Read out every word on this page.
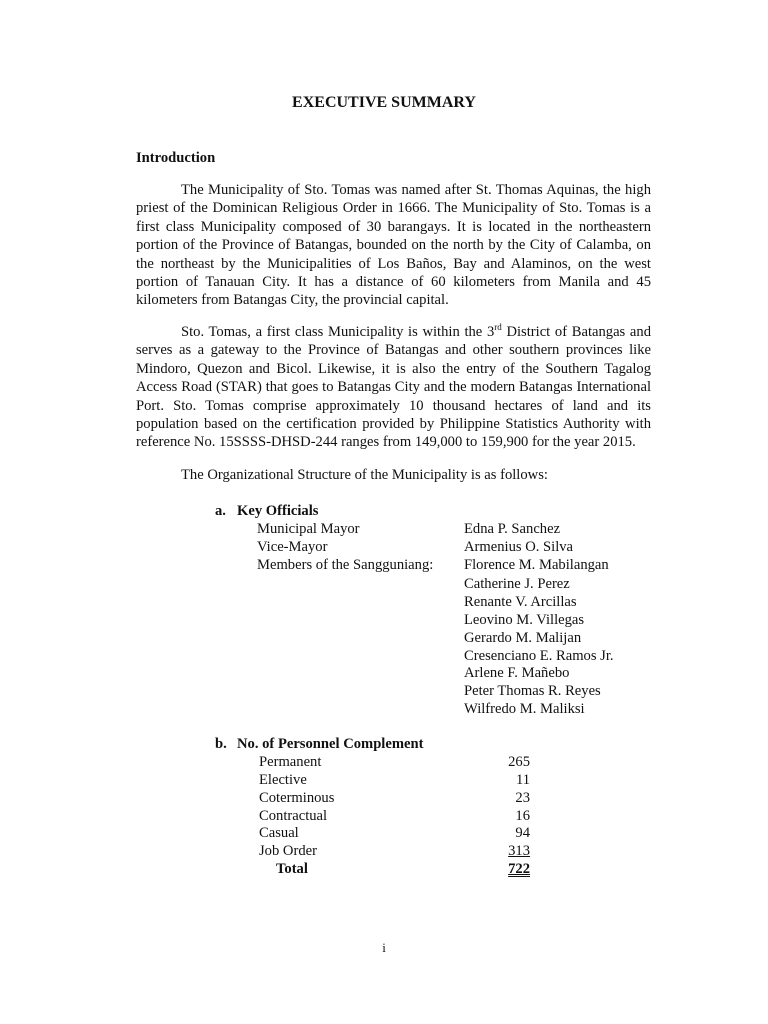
EXECUTIVE SUMMARY
Introduction

The Municipality of Sto. Tomas was named after St. Thomas Aquinas, the high priest of the Dominican Religious Order in 1666. The Municipality of Sto. Tomas is a first class Municipality composed of 30 barangays. It is located in the northeastern portion of the Province of Batangas, bounded on the north by the City of Calamba, on the northeast by the Municipalities of Los Baños, Bay and Alaminos, on the west portion of Tanauan City. It has a distance of 60 kilometers from Manila and 45 kilometers from Batangas City, the provincial capital.

Sto. Tomas, a first class Municipality is within the 3rd District of Batangas and serves as a gateway to the Province of Batangas and other southern provinces like Mindoro, Quezon and Bicol. Likewise, it is also the entry of the Southern Tagalog Access Road (STAR) that goes to Batangas City and the modern Batangas International Port. Sto. Tomas comprise approximately 10 thousand hectares of land and its population based on the certification provided by Philippine Statistics Authority with reference No. 15SSSS-DHSD-244 ranges from 149,000 to 159,900 for the year 2015.

The Organizational Structure of the Municipality is as follows:
a. Key Officials
Municipal Mayor	Edna P. Sanchez
Vice-Mayor	Armenius O. Silva
Members of the Sangguniang: Florence M. Mabilangan
Catherine J. Perez
Renante V. Arcillas
Leovino M. Villegas
Gerardo M. Malijan
Cresenciano E. Ramos Jr.
Arlene F. Mañebo
Peter Thomas R. Reyes
Wilfredo M. Maliksi
b. No. of Personnel Complement
Permanent	265
Elective	11
Coterminous	23
Contractual	16
Casual	94
Job Order	313
Total	722
i
